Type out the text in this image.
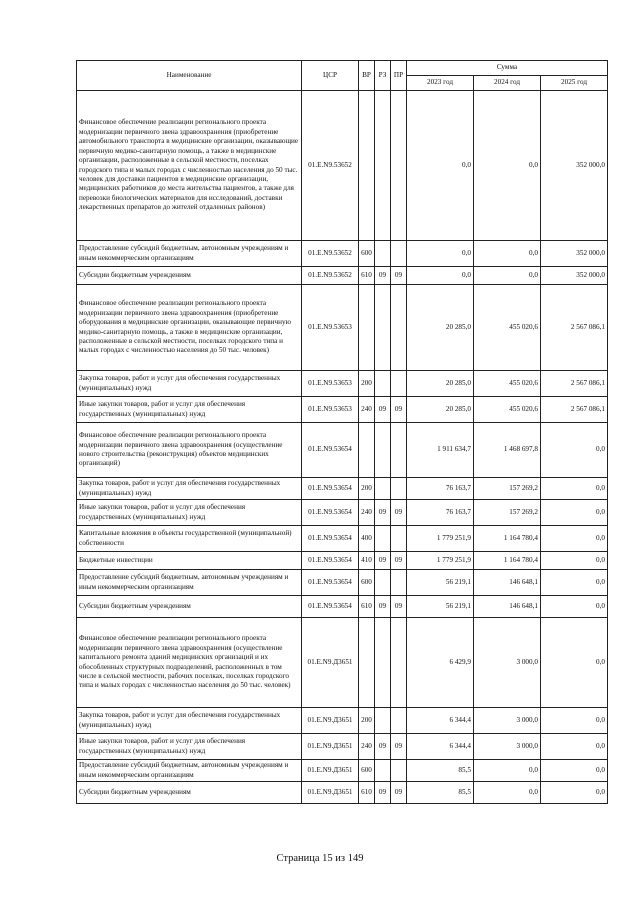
Наименование	ЦСР	ВР	РЗ	ПР	Сумма		
					2023 год	2024 год	2025 год
Финансовое обеспечение реализации регионального проекта модернизации первичного звена здравоохранения (приобретение автомобильного транспорта в медицинские организации, оказывающие первичную медико-санитарную помощь, а также в медицинские организации, расположенные в сельской местности, поселках городского типа и малых городах с численностью населения до 50 тыс. человек для доставки пациентов в медицинские организации, медицинских работников до места жительства пациентов, а также для перевозки биологических материалов для исследований, доставки лекарственных препаратов до жителей отдаленных районов)	01.Е.N9.53652				0,0	0,0	352 000,0
Предоставление субсидий бюджетным, автономным учреждениям и иным некоммерческим организациям	01.Е.N9.53652	600			0,0	0,0	352 000,0
Субсидии бюджетным учреждениям	01.Е.N9.53652	610	09	09	0,0	0,0	352 000,0
Финансовое обеспечение реализации регионального проекта модернизации первичного звена здравоохранения (приобретение оборудования в медицинские организации, оказывающие первичную медико-санитарную помощь, а также в медицинские организации, расположенные в сельской местности, поселках городского типа и малых городах с численностью населения до 50 тыс. человек)	01.Е.N9.53653				20 285,0	455 020,6	2 567 086,1
Закупка товаров, работ и услуг для обеспечения государственных (муниципальных) нужд	01.Е.N9.53653	200			20 285,0	455 020,6	2 567 086,1
Иные закупки товаров, работ и услуг для обеспечения государственных (муниципальных) нужд	01.Е.N9.53653	240	09	09	20 285,0	455 020,6	2 567 086,1
Финансовое обеспечение реализации регионального проекта модернизации первичного звена здравоохранения (осуществление нового строительства (реконструкция) объектов медицинских организаций)	01.Е.N9.53654				1 911 634,7	1 468 697,8	0,0
Закупка товаров, работ и услуг для обеспечения государственных (муниципальных) нужд	01.Е.N9.53654	200			76 163,7	157 269,2	0,0
Иные закупки товаров, работ и услуг для обеспечения государственных (муниципальных) нужд	01.Е.N9.53654	240	09	09	76 163,7	157 269,2	0,0
Капитальные вложения в объекты государственной (муниципальной) собственности	01.Е.N9.53654	400			1 779 251,9	1 164 780,4	0,0
Бюджетные инвестиции	01.Е.N9.53654	410	09	09	1 779 251,9	1 164 780,4	0,0
Предоставление субсидий бюджетным, автономным учреждениям и иным некоммерческим организациям	01.Е.N9.53654	600			56 219,1	146 648,1	0,0
Субсидии бюджетным учреждениям	01.Е.N9.53654	610	09	09	56 219,1	146 648,1	0,0
Финансовое обеспечение реализации регионального проекта модернизации первичного звена здравоохранения (осуществление капитального ремонта зданий медицинских организаций и их обособленных структурных подразделений, расположенных в том числе в сельской местности, рабочих поселках, поселках городского типа и малых городах с численностью населения до 50 тыс. человек)	01.Е.N9.Д3651				6 429,9	3 000,0	0,0
Закупка товаров, работ и услуг для обеспечения государственных (муниципальных) нужд	01.Е.N9.Д3651	200			6 344,4	3 000,0	0,0
Иные закупки товаров, работ и услуг для обеспечения государственных (муниципальных) нужд	01.Е.N9.Д3651	240	09	09	6 344,4	3 000,0	0,0
Предоставление субсидий бюджетным, автономным учреждениям и иным некоммерческим организациям	01.Е.N9.Д3651	600			85,5	0,0	0,0
Субсидии бюджетным учреждениям	01.Е.N9.Д3651	610	09	09	85,5	0,0	0,0
Страница 15 из 149
